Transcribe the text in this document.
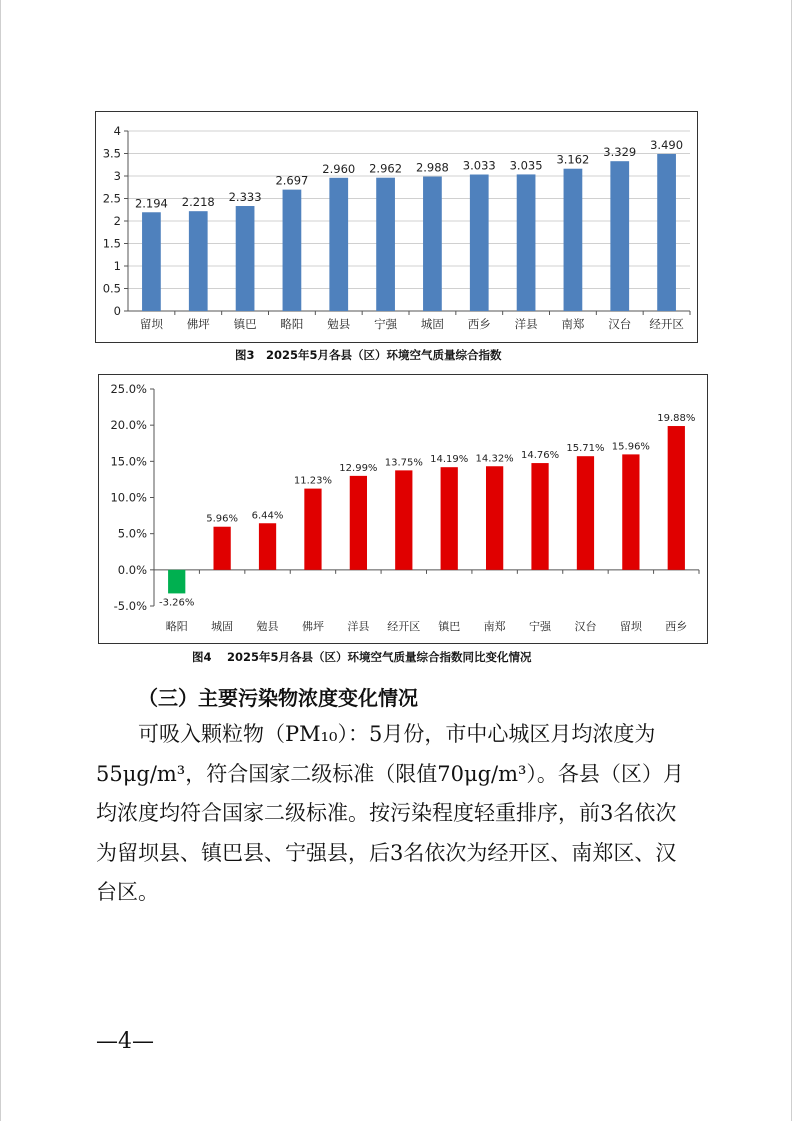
0
0.5
1
1.5
2
2.5
3
3.5
4
2.194
留坝
2.218
佛坪
2.333
镇巴
2.697
略阳
2.960
勉县
2.962
宁强
2.988
城固
3.033
西乡
3.035
洋县
3.162
南郑
3.329
汉台
3.490
经开区
图3　2025年5月各县（区）环境空气质量综合指数
-5.0%
0.0%
5.0%
10.0%
15.0%
20.0%
25.0%
-3.26%
略阳
5.96%
城固
6.44%
勉县
11.23%
佛坪
12.99%
洋县
13.75%
经开区
14.19%
镇巴
14.32%
南郑
14.76%
宁强
15.71%
汉台
15.96%
留坝
19.88%
西乡
图4　 2025年5月各县（区）环境空气质量综合指数同比变化情况
（三）主要污染物浓度变化情况
可吸入颗粒物（PM₁₀）：5月份，市中心城区月均浓度为55μg/m³，符合国家二级标准（限值70μg/m³）。各县（区）月均浓度均符合国家二级标准。按污染程度轻重排序，前3名依次为留坝县、镇巴县、宁强县，后3名依次为经开区、南郑区、汉台区。
—4—
